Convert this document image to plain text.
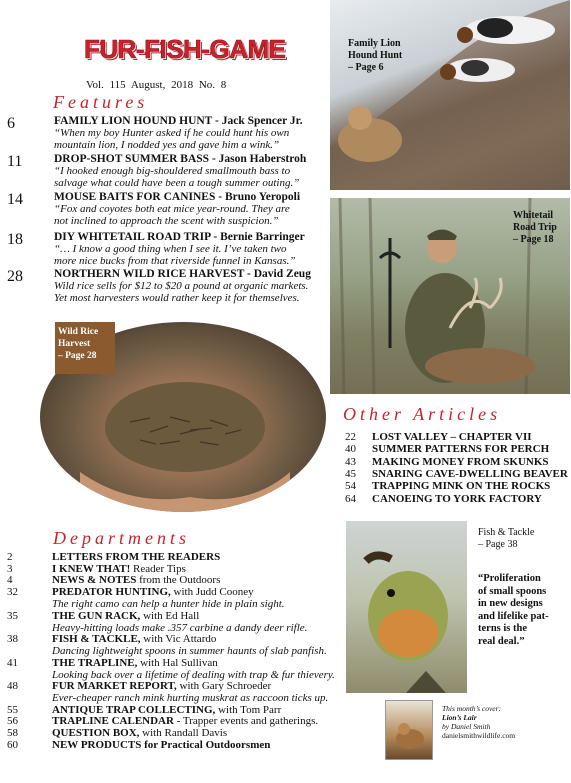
FUR-FISH-GAME
Vol. 115 August, 2018 No. 8
Features
6	FAMILY LION HOUND HUNT - Jack Spencer Jr.
“When my boy Hunter asked if he could hunt his own
mountain lion, I nodded yes and gave him a wink.”
11	DROP-SHOT SUMMER BASS - Jason Haberstroh
“I hooked enough big-shouldered smallmouth bass to
salvage what could have been a tough summer outing.”
14	MOUSE BAITS FOR CANINES - Bruno Yeropoli
“Fox and coyotes both eat mice year-round. They are
not inclined to approach the scent with suspicion.”
18	DIY WHITETAIL ROAD TRIP - Bernie Barringer
“… I know a good thing when I see it. I’ve taken two
more nice bucks from that riverside funnel in Kansas.”
28	NORTHERN WILD RICE HARVEST - David Zeug
Wild rice sells for $12 to $20 a pound at organic markets.
Yet most harvesters would rather keep it for themselves.
Family Lion
Hound Hunt
– Page 6
Whitetail
Road Trip
– Page 18
Wild Rice
Harvest
– Page 28
Other Articles
22 LOST VALLEY – CHAPTER VII
40 SUMMER PATTERNS FOR PERCH
43 MAKING MONEY FROM SKUNKS
45 SNARING CAVE-DWELLING BEAVER
54 TRAPPING MINK ON THE ROCKS
64 CANOEING TO YORK FACTORY
Departments
2	LETTERS FROM THE READERS
3	I KNEW THAT! Reader Tips
4	NEWS & NOTES from the Outdoors
32	PREDATOR HUNTING, with Judd Cooney
The right camo can help a hunter hide in plain sight.
35	THE GUN RACK, with Ed Hall
Heavy-hitting loads make .357 carbine a dandy deer rifle.
38	FISH & TACKLE, with Vic Attardo
Dancing lightweight spoons in summer haunts of slab panfish.
41	THE TRAPLINE, with Hal Sullivan
Looking back over a lifetime of dealing with trap & fur thievery.
48	FUR MARKET REPORT, with Gary Schroeder
Ever-cheaper ranch mink hurting muskrat as raccoon ticks up.
55	ANTIQUE TRAP COLLECTING, with Tom Parr
56	TRAPLINE CALENDAR - Trapper events and gatherings.
58	QUESTION BOX, with Randall Davis
60	NEW PRODUCTS for Practical Outdoorsmen
Fish & Tackle
– Page 38
“Proliferation
of small spoons
in new designs
and lifelike pat-
terns is the
real deal.”
This month’s cover:
Lion’s Lair
by Daniel Smith
danielsmithwildlife.com
